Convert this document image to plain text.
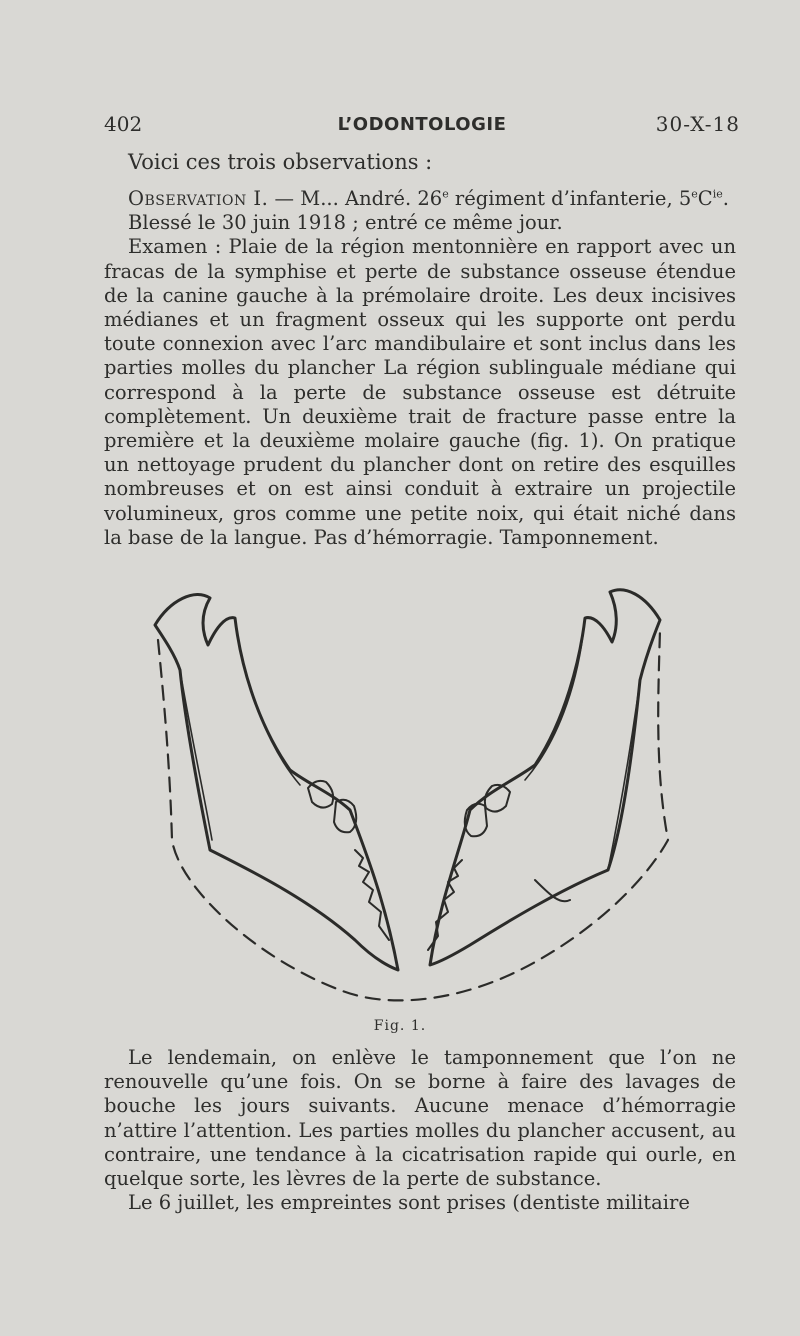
402	L’ODONTOLOGIE	30-X-18

Voici ces trois observations :

Observation I. — M... André. 26e régiment d’infanterie, $5eC^{ie}$.

Blessé le 30 juin 1918 ; entré ce même jour.

Examen : Plaie de la région mentonnière en rapport avec un fracas de la symphise et perte de substance osseuse étendue de la canine gauche à la prémolaire droite. Les deux incisives médianes et un fragment osseux qui les supporte ont perdu toute connexion avec l’arc mandibulaire et sont inclus dans les parties molles du plancher La région sublinguale médiane qui correspond à la perte de substance osseuse est détruite complètement. Un deuxième trait de fracture passe entre la première et la deuxième molaire gauche (fig. 1). On pratique un nettoyage prudent du plancher dont on retire des esquilles nombreuses et on est ainsi conduit à extraire un projectile volumineux, gros comme une petite noix, qui était niché dans la base de la langue. Pas d’hémorragie. Tamponnement.

Fig. 1.

Le lendemain, on enlève le tamponnement que l’on ne renouvelle qu’une fois. On se borne à faire des lavages de bouche les jours suivants. Aucune menace d’hémorragie n’attire l’attention. Les parties molles du plancher accusent, au contraire, une tendance à la cicatrisation rapide qui ourle, en quelque sorte, les lèvres de la perte de substance.

Le 6 juillet, les empreintes sont prises (dentiste militaire
